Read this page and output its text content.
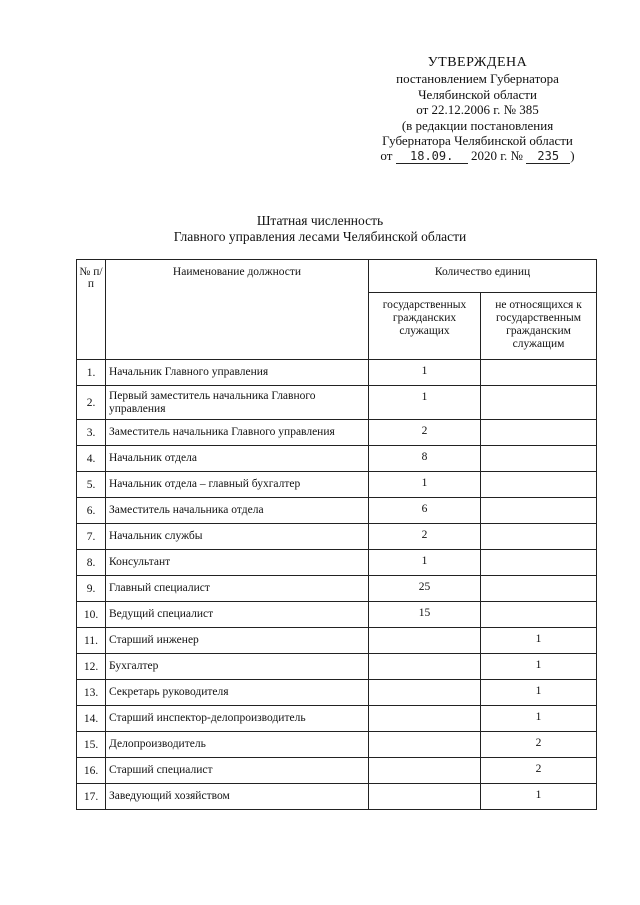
УТВЕРЖДЕНА
постановлением Губернатора
Челябинской области
от 22.12.2006 г. № 385
(в редакции постановления
Губернатора Челябинской области
от 18.09. 2020 г. № 235 )
Штатная численность
Главного управления лесами Челябинской области
№ п/п	Наименование должности	Количество единиц	
		государственных гражданских служащих	не относящихся к государственным гражданским служащим
1.	Начальник Главного управления	1	
2.	Первый заместитель начальника Главного управления	1	
3.	Заместитель начальника Главного управления	2	
4.	Начальник отдела	8	
5.	Начальник отдела – главный бухгалтер	1	
6.	Заместитель начальника отдела	6	
7.	Начальник службы	2	
8.	Консультант	1	
9.	Главный специалист	25	
10.	Ведущий специалист	15	
11.	Старший инженер		1
12.	Бухгалтер		1
13.	Секретарь руководителя		1
14.	Старший инспектор-делопроизводитель		1
15.	Делопроизводитель		2
16.	Старший специалист		2
17.	Заведующий хозяйством		1
